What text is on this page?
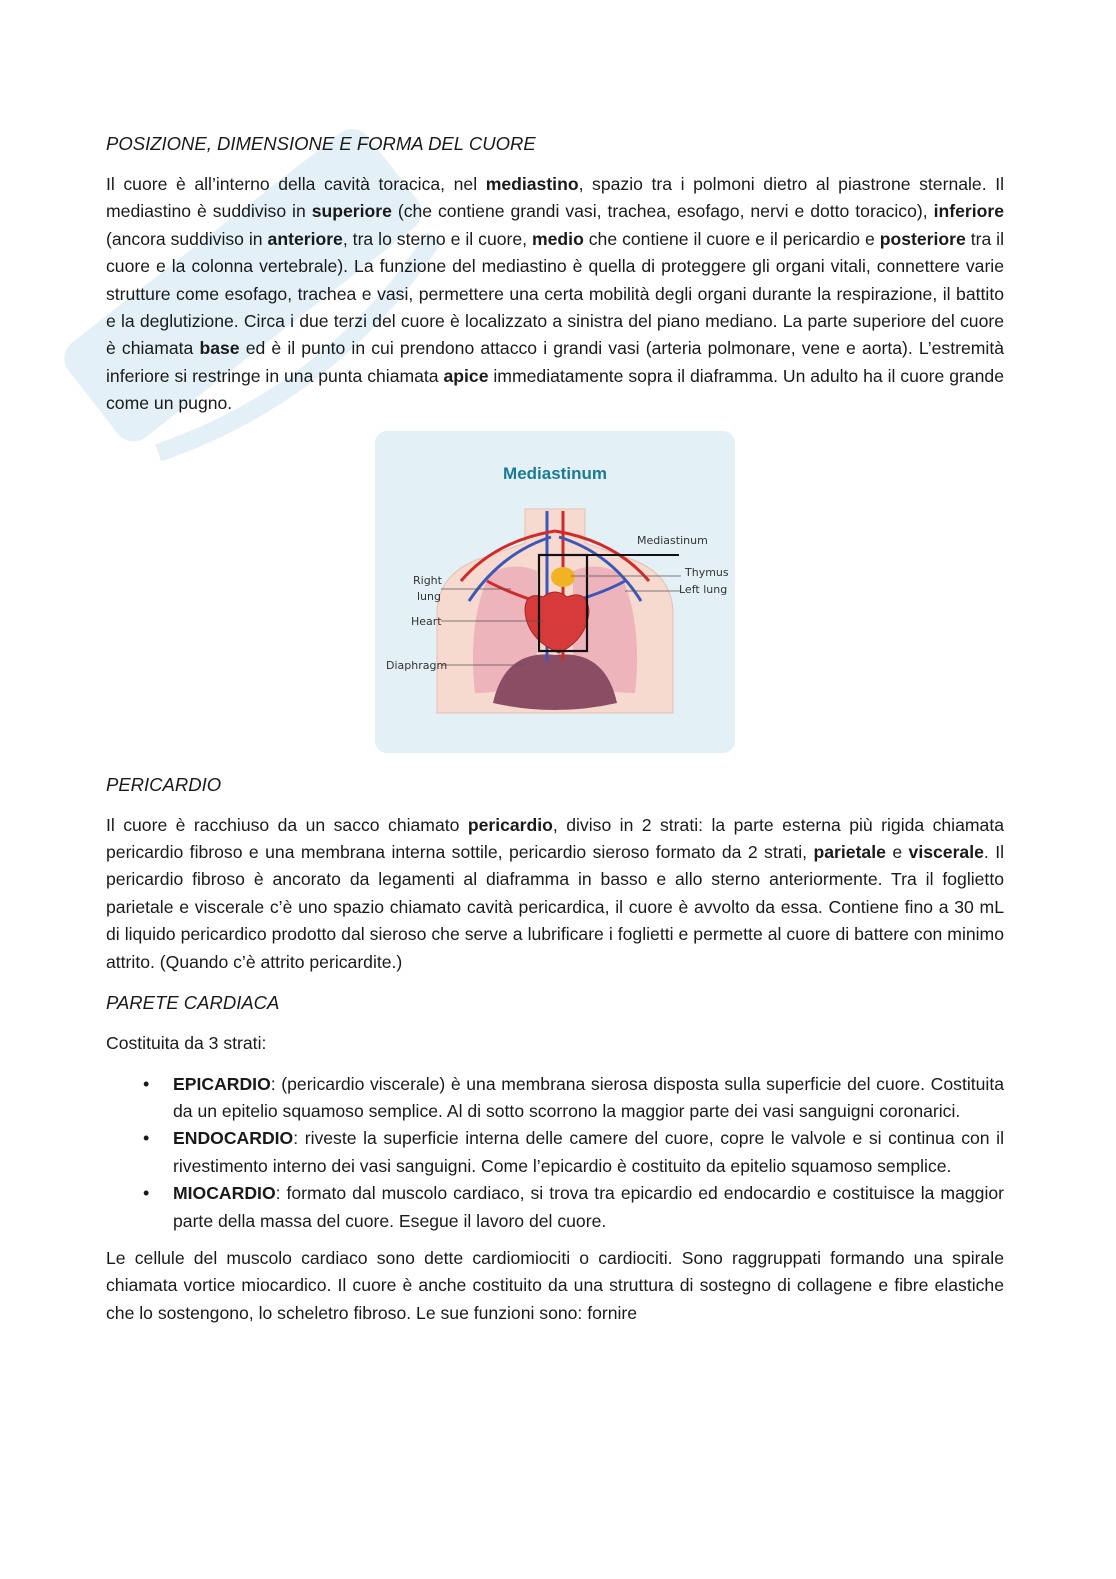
POSIZIONE, DIMENSIONE E FORMA DEL CUORE

Il cuore è all’interno della cavità toracica, nel mediastino, spazio tra i polmoni dietro al piastrone sternale. Il mediastino è suddiviso in superiore (che contiene grandi vasi, trachea, esofago, nervi e dotto toracico), inferiore (ancora suddiviso in anteriore, tra lo sterno e il cuore, medio che contiene il cuore e il pericardio e posteriore tra il cuore e la colonna vertebrale). La funzione del mediastino è quella di proteggere gli organi vitali, connettere varie strutture come esofago, trachea e vasi, permettere una certa mobilità degli organi durante la respirazione, il battito e la deglutizione. Circa i due terzi del cuore è localizzato a sinistra del piano mediano. La parte superiore del cuore è chiamata base ed è il punto in cui prendono attacco i grandi vasi (arteria polmonare, vene e aorta). L’estremità inferiore si restringe in una punta chiamata apice immediatamente sopra il diaframma. Un adulto ha il cuore grande come un pugno.

Mediastinum
Mediastinum
Right
lung
Heart
Diaphragm
Thymus
Left lung
PERICARDIO

Il cuore è racchiuso da un sacco chiamato pericardio, diviso in 2 strati: la parte esterna più rigida chiamata pericardio fibroso e una membrana interna sottile, pericardio sieroso formato da 2 strati, parietale e viscerale. Il pericardio fibroso è ancorato da legamenti al diaframma in basso e allo sterno anteriormente. Tra il foglietto parietale e viscerale c’è uno spazio chiamato cavità pericardica, il cuore è avvolto da essa. Contiene fino a 30 mL di liquido pericardico prodotto dal sieroso che serve a lubrificare i foglietti e permette al cuore di battere con minimo attrito. (Quando c’è attrito pericardite.)

PARETE CARDIACA

Costituita da 3 strati:

• EPICARDIO: (pericardio viscerale) è una membrana sierosa disposta sulla superficie del cuore. Costituita da un epitelio squamoso semplice. Al di sotto scorrono la maggior parte dei vasi sanguigni coronarici.
• ENDOCARDIO: riveste la superficie interna delle camere del cuore, copre le valvole e si continua con il rivestimento interno dei vasi sanguigni. Come l’epicardio è costituito da epitelio squamoso semplice.
• MIOCARDIO: formato dal muscolo cardiaco, si trova tra epicardio ed endocardio e costituisce la maggior parte della massa del cuore. Esegue il lavoro del cuore.

Le cellule del muscolo cardiaco sono dette cardiomiociti o cardiociti. Sono raggruppati formando una spirale chiamata vortice miocardico. Il cuore è anche costituito da una struttura di sostegno di collagene e fibre elastiche che lo sostengono, lo scheletro fibroso. Le sue funzioni sono: fornire
